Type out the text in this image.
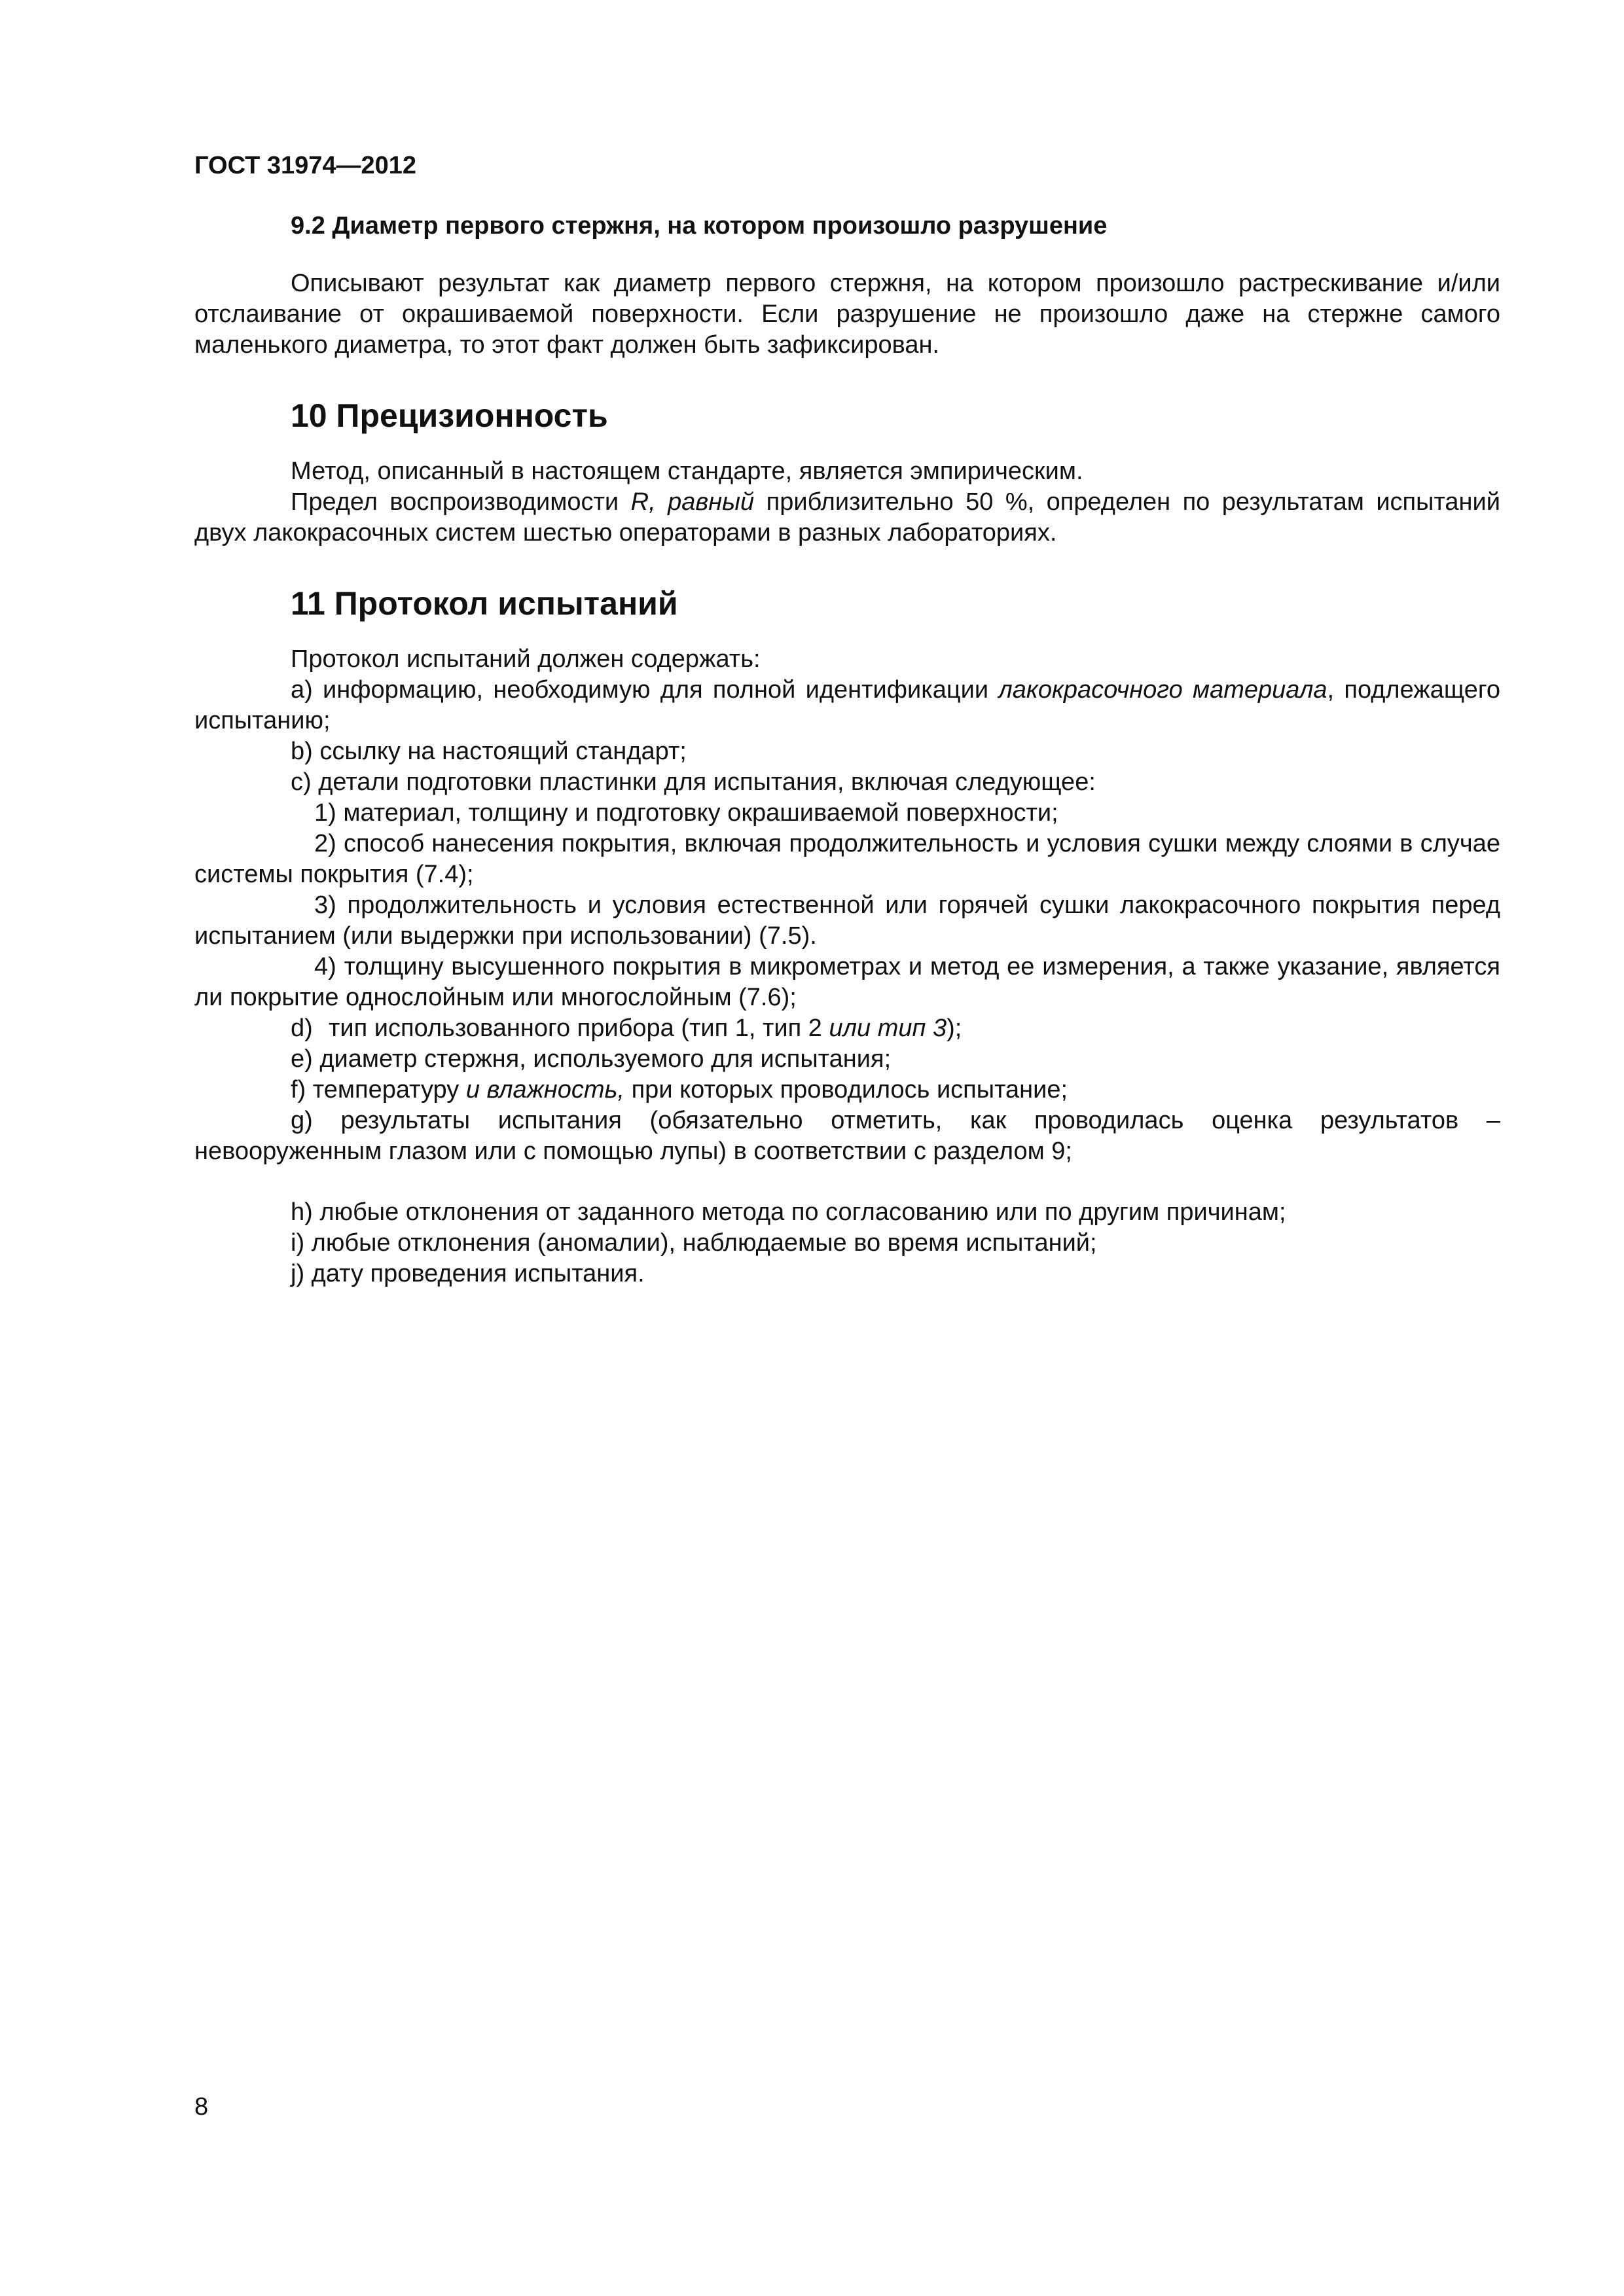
ГОСТ 31974—2012

9.2 Диаметр первого стержня, на котором произошло разрушение

Описывают результат как диаметр первого стержня, на котором произошло растрескивание и/или отслаивание от окрашиваемой поверхности. Если разрушение не произошло даже на стержне самого маленького диаметра, то этот факт должен быть зафиксирован.

10 Прецизионность

Метод, описанный в настоящем стандарте, является эмпирическим.

Предел воспроизводимости R, равный приблизительно 50 %, определен по результатам испытаний двух лакокрасочных систем шестью операторами в разных лабораториях.

11 Протокол испытаний

Протокол испытаний должен содержать:

а) информацию, необходимую для полной идентификации лакокрасочного материала, подлежащего испытанию;

b) ссылку на настоящий стандарт;

с) детали подготовки пластинки для испытания, включая следующее:

1) материал, толщину и подготовку окрашиваемой поверхности;

2) способ нанесения покрытия, включая продолжительность и условия сушки между слоями в случае системы покрытия (7.4);

3) продолжительность и условия естественной или горячей сушки лакокрасочного покрытия перед испытанием (или выдержки при использовании) (7.5).

4) толщину высушенного покрытия в микрометрах и метод ее измерения, а также указание, является ли покрытие однослойным или многослойным (7.6);

d) тип использованного прибора (тип 1, тип 2 или тип 3);

е) диаметр стержня, используемого для испытания;

f) температуру и влажность, при которых проводилось испытание;

g) результаты испытания (обязательно отметить, как проводилась оценка результатов – невооруженным глазом или с помощью лупы) в соответствии с разделом 9;

h) любые отклонения от заданного метода по согласованию или по другим причинам;

i) любые отклонения (аномалии), наблюдаемые во время испытаний;

j) дату проведения испытания.

8
